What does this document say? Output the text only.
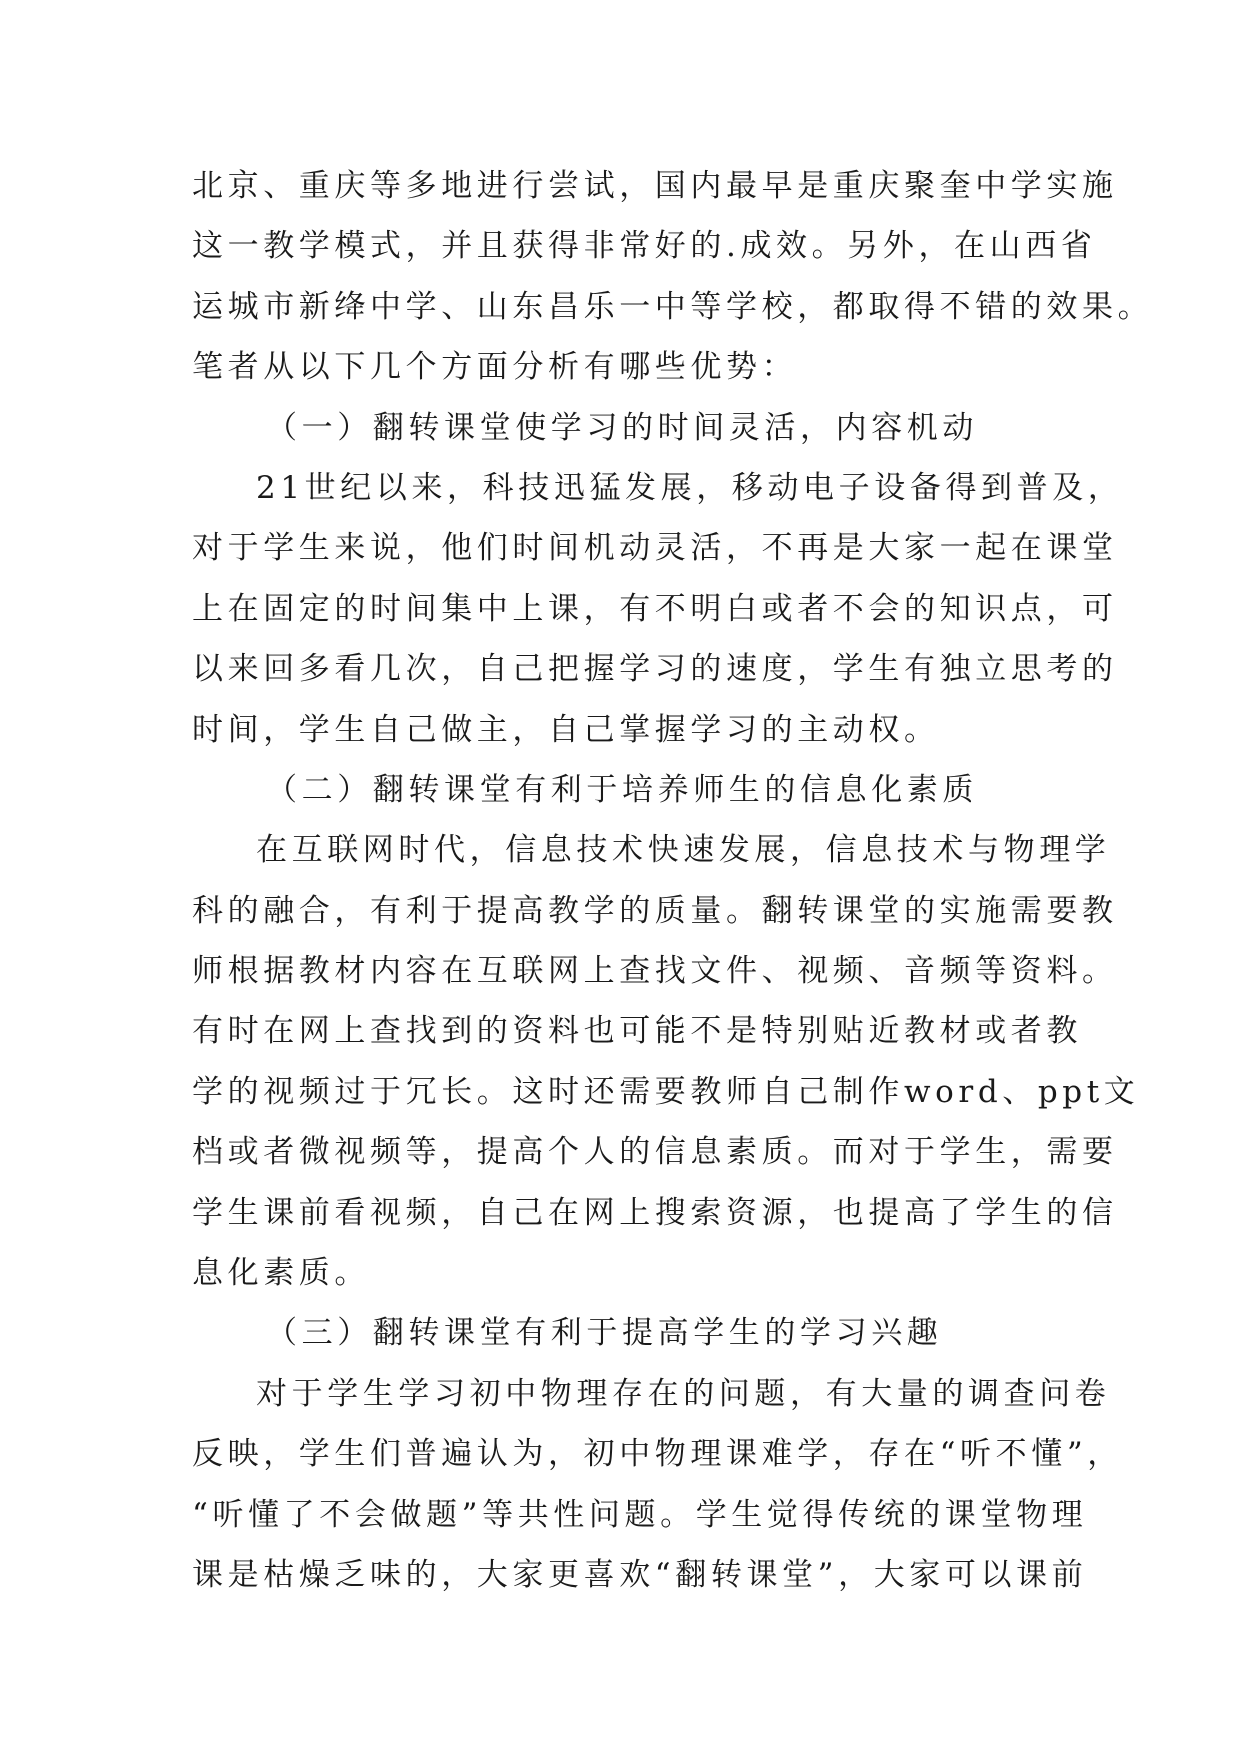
北京、重庆等多地进行尝试，国内最早是重庆聚奎中学实施
这一教学模式，并且获得非常好的.成效。另外，在山西省
运城市新绛中学、山东昌乐一中等学校，都取得不错的效果。
笔者从以下几个方面分析有哪些优势：
（一）翻转课堂使学习的时间灵活，内容机动
21世纪以来，科技迅猛发展，移动电子设备得到普及，
对于学生来说，他们时间机动灵活，不再是大家一起在课堂
上在固定的时间集中上课，有不明白或者不会的知识点，可
以来回多看几次，自己把握学习的速度，学生有独立思考的
时间，学生自己做主，自己掌握学习的主动权。
（二）翻转课堂有利于培养师生的信息化素质
在互联网时代，信息技术快速发展，信息技术与物理学
科的融合，有利于提高教学的质量。翻转课堂的实施需要教
师根据教材内容在互联网上查找文件、视频、音频等资料。
有时在网上查找到的资料也可能不是特别贴近教材或者教
学的视频过于冗长。这时还需要教师自己制作word、ppt文
档或者微视频等，提高个人的信息素质。而对于学生，需要
学生课前看视频，自己在网上搜索资源，也提高了学生的信
息化素质。
（三）翻转课堂有利于提高学生的学习兴趣
对于学生学习初中物理存在的问题，有大量的调查问卷
反映，学生们普遍认为，初中物理课难学，存在“听不懂”，
“听懂了不会做题”等共性问题。学生觉得传统的课堂物理
课是枯燥乏味的，大家更喜欢“翻转课堂”，大家可以课前
